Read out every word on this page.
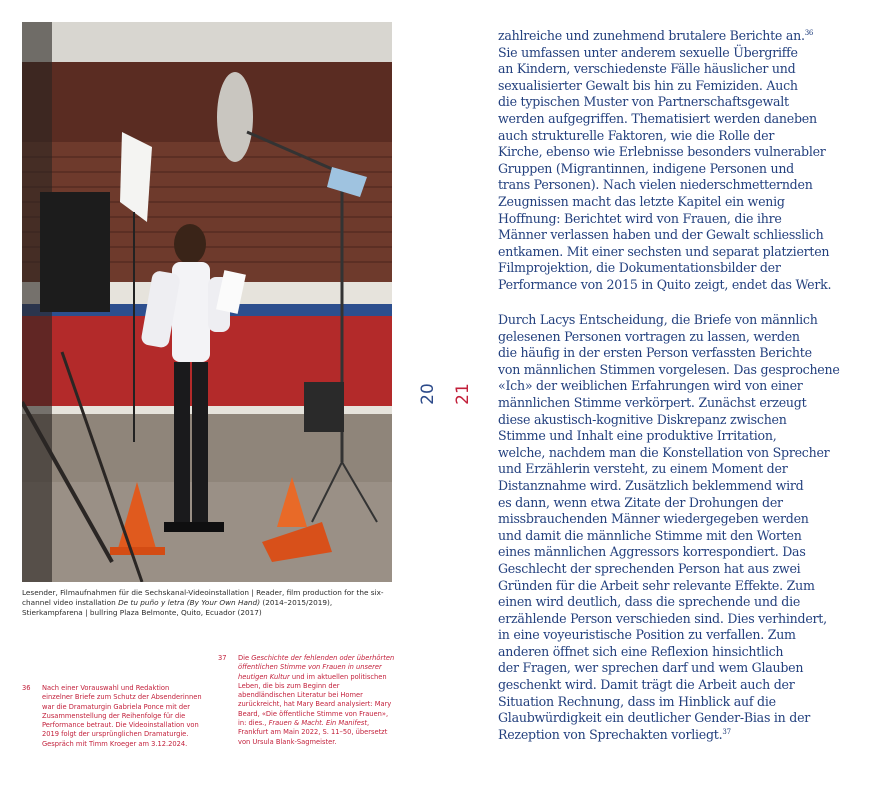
Lesender, Filmaufnahmen für die Sechskanal-Videoinstallation | Reader, film production for the six-channel video installation De tu puño y letra (By Your Own Hand) (2014–2015/2019), Stierkampfarena | bullring Plaza Belmonte, Quito, Ecuador (2017)
36 Nach einer Vorauswahl und Redaktion einzelner Briefe zum Schutz der Absenderinnen war die Dramaturgin Gabriela Ponce mit der Zusammenstellung der Reihenfolge für die Performance betraut. Die Videoinstallation von 2019 folgt der ursprünglichen Dramaturgie. Gespräch mit Timm Kroeger am 3.12.2024.
37 Die Geschichte der fehlenden oder überhörten öffentlichen Stimme von Frauen in unserer heutigen Kultur und im aktuellen politischen Leben, die bis zum Beginn der abendländischen Literatur bei Homer zurückreicht, hat Mary Beard analysiert: Mary Beard, «Die öffentliche Stimme von Frauen», in: dies., Frauen & Macht. Ein Manifest, Frankfurt am Main 2022, S. 11–50, übersetzt von Ursula Blank-Sagmeister.
20 21
zahlreiche und zunehmend brutalere Berichte an.$^{36}$
Sie umfassen unter anderem sexuelle Übergriffe
an Kindern, verschiedenste Fälle häuslicher und
sexualisierter Gewalt bis hin zu Femiziden. Auch
die typischen Muster von Partnerschaftsgewalt
werden aufgegriffen. Thematisiert werden daneben
auch strukturelle Faktoren, wie die Rolle der
Kirche, ebenso wie Erlebnisse besonders vulnerabler
Gruppen (Migrantinnen, indigene Personen und
trans Personen). Nach vielen niederschmetternden
Zeugnissen macht das letzte Kapitel ein wenig
Hoffnung: Berichtet wird von Frauen, die ihre
Männer verlassen haben und der Gewalt schliesslich
entkamen. Mit einer sechsten und separat platzierten
Filmprojektion, die Dokumentationsbilder der
Performance von 2015 in Quito zeigt, endet das Werk.
Durch Lacys Entscheidung, die Briefe von männlich
gelesenen Personen vortragen zu lassen, werden
die häufig in der ersten Person verfassten Berichte
von männlichen Stimmen vorgelesen. Das gesprochene
«Ich» der weiblichen Erfahrungen wird von einer
männlichen Stimme verkörpert. Zunächst erzeugt
diese akustisch-kognitive Diskrepanz zwischen
Stimme und Inhalt eine produktive Irritation,
welche, nachdem man die Konstellation von Sprecher
und Erzählerin versteht, zu einem Moment der
Distanznahme wird. Zusätzlich beklemmend wird
es dann, wenn etwa Zitate der Drohungen der
missbrauchenden Männer wiedergegeben werden
und damit die männliche Stimme mit den Worten
eines männlichen Aggressors korrespondiert. Das
Geschlecht der sprechenden Person hat aus zwei
Gründen für die Arbeit sehr relevante Effekte. Zum
einen wird deutlich, dass die sprechende und die
erzählende Person verschieden sind. Dies verhindert,
in eine voyeuristische Position zu verfallen. Zum
anderen öffnet sich eine Reflexion hinsichtlich
der Fragen, wer sprechen darf und wem Glauben
geschenkt wird. Damit trägt die Arbeit auch der
Situation Rechnung, dass im Hinblick auf die
Glaubwürdigkeit ein deutlicher Gender-Bias in der
Rezeption von Sprechakten vorliegt.$^{37}$
